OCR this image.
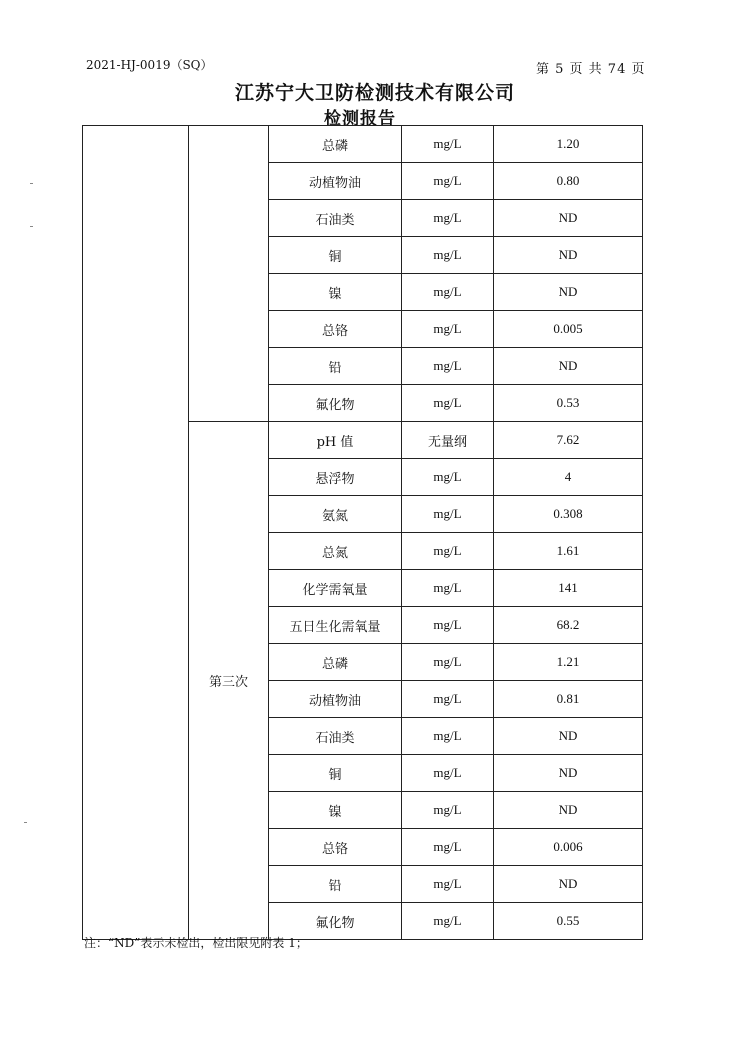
2021-HJ-0019（SQ）	第 5 页 共 74 页
江苏宁大卫防检测技术有限公司
检测报告
		总磷	mg/L	1.20
		动植物油	mg/L	0.80
		石油类	mg/L	ND
		铜	mg/L	ND
		镍	mg/L	ND
		总铬	mg/L	0.005
		铅	mg/L	ND
		氟化物	mg/L	0.53
	第三次	pH 值	无量纲	7.62
		悬浮物	mg/L	4
		氨氮	mg/L	0.308
		总氮	mg/L	1.61
		化学需氧量	mg/L	141
		五日生化需氧量	mg/L	68.2
		总磷	mg/L	1.21
		动植物油	mg/L	0.81
		石油类	mg/L	ND
		铜	mg/L	ND
		镍	mg/L	ND
		总铬	mg/L	0.006
		铅	mg/L	ND
		氟化物	mg/L	0.55
注：“ND”表示未检出，检出限见附表 1；
